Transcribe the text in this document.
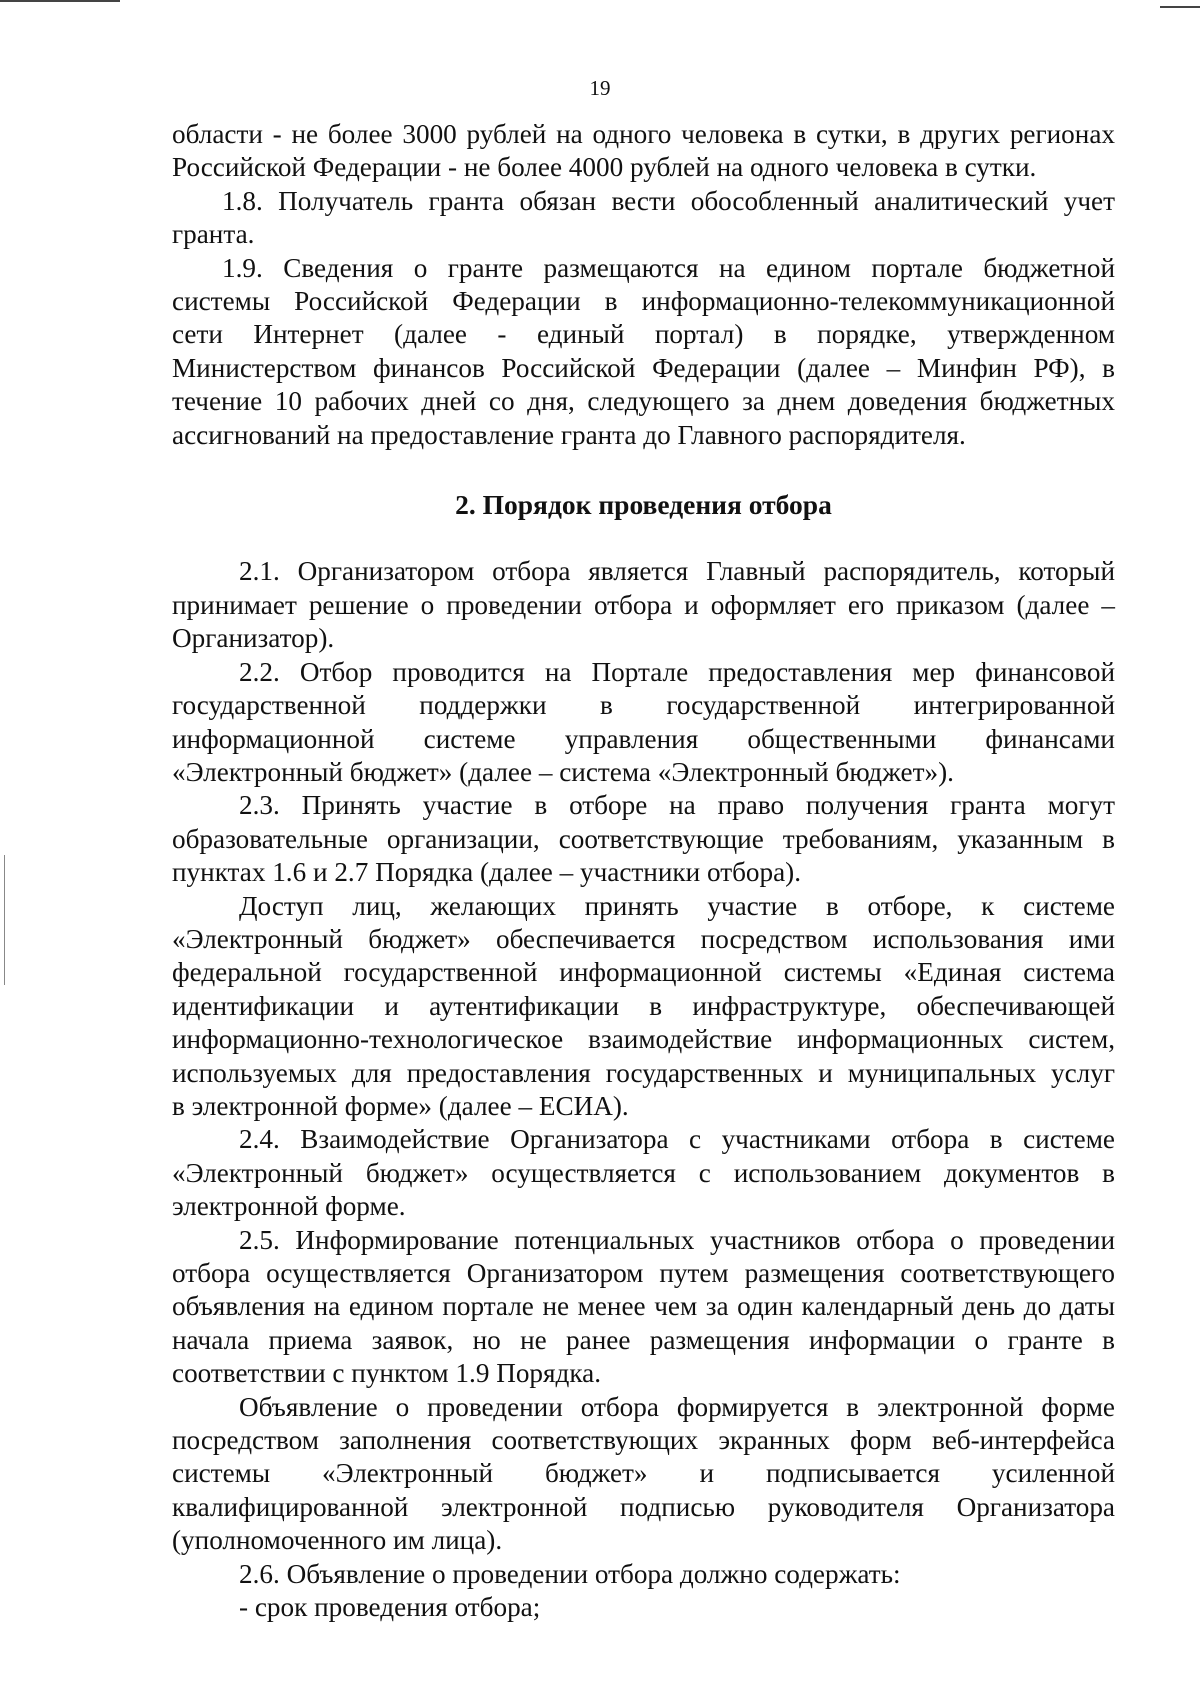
19

области - не более 3000 рублей на одного человека в сутки, в других регионах

Российской Федерации - не более 4000 рублей на одного человека в сутки.

1.8. Получатель гранта обязан вести обособленный аналитический учет

гранта.

1.9. Сведения о гранте размещаются на едином портале бюджетной

системы Российской Федерации в информационно-телекоммуникационной

сети Интернет (далее - единый портал) в порядке, утвержденном

Министерством финансов Российской Федерации (далее – Минфин РФ), в

течение 10 рабочих дней со дня, следующего за днем доведения бюджетных

ассигнований на предоставление гранта до Главного распорядителя.

2. Порядок проведения отбора

2.1. Организатором отбора является Главный распорядитель, который

принимает решение о проведении отбора и оформляет его приказом (далее –

Организатор).

2.2. Отбор проводится на Портале предоставления мер финансовой

государственной поддержки в государственной интегрированной

информационной системе управления общественными финансами

«Электронный бюджет» (далее – система «Электронный бюджет»).

2.3. Принять участие в отборе на право получения гранта могут

образовательные организации, соответствующие требованиям, указанным в

пунктах 1.6 и 2.7 Порядка (далее – участники отбора).

Доступ лиц, желающих принять участие в отборе, к системе

«Электронный бюджет» обеспечивается посредством использования ими

федеральной государственной информационной системы «Единая система

идентификации и аутентификации в инфраструктуре, обеспечивающей

информационно-технологическое взаимодействие информационных систем,

используемых для предоставления государственных и муниципальных услуг

в электронной форме» (далее – ЕСИА).

2.4. Взаимодействие Организатора с участниками отбора в системе

«Электронный бюджет» осуществляется с использованием документов в

электронной форме.

2.5. Информирование потенциальных участников отбора о проведении

отбора осуществляется Организатором путем размещения соответствующего

объявления на едином портале не менее чем за один календарный день до даты

начала приема заявок, но не ранее размещения информации о гранте в

соответствии с пунктом 1.9 Порядка.

Объявление о проведении отбора формируется в электронной форме

посредством заполнения соответствующих экранных форм веб-интерфейса

системы «Электронный бюджет» и подписывается усиленной

квалифицированной электронной подписью руководителя Организатора

(уполномоченного им лица).

2.6. Объявление о проведении отбора должно содержать:

- срок проведения отбора;
